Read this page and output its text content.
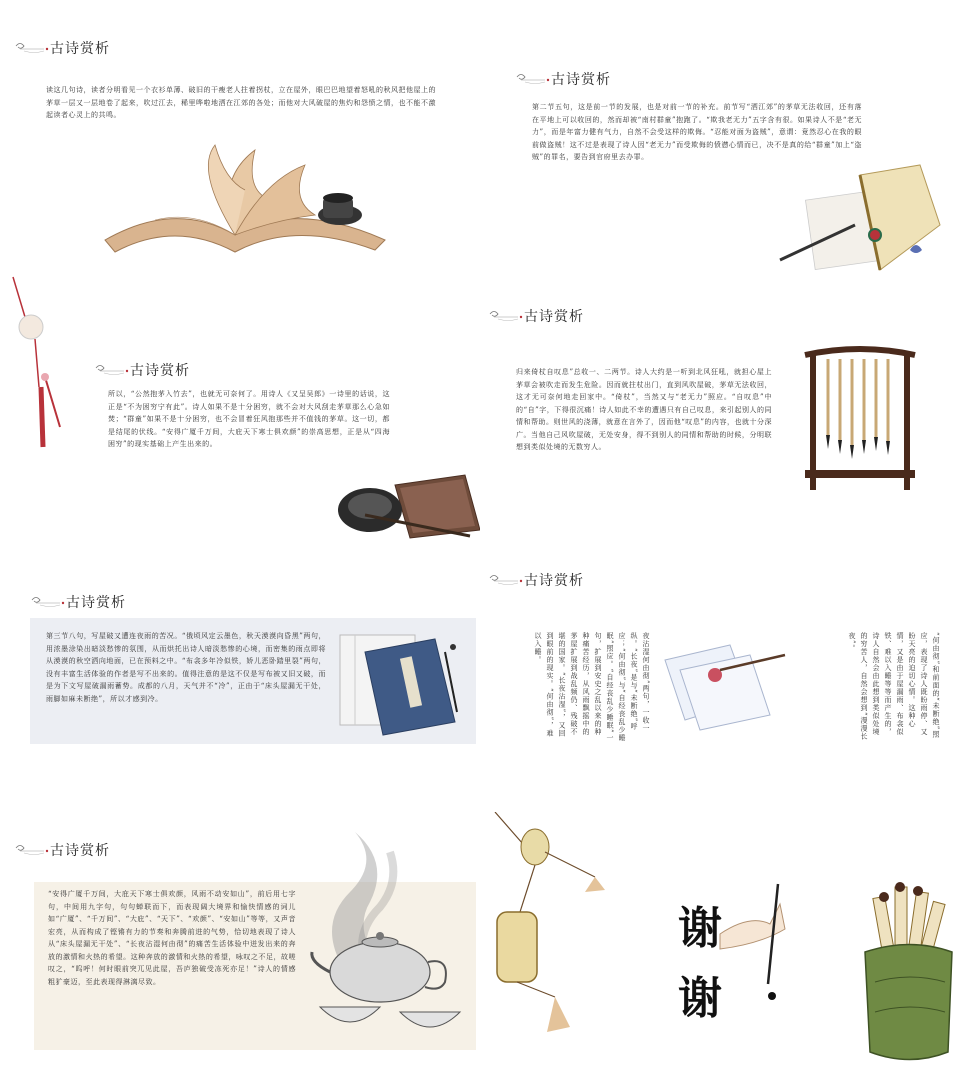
古诗赏析
读这几句诗，读者分明看见一个衣衫单薄、破旧的干瘦老人拄着拐杖，立在屋外，眼巴巴地望着怒吼的秋风把他屋上的茅草一层又一层地卷了起来，吹过江去，稀里哗啦地洒在江郊的各处；而他对大风破屋的焦灼和怨愤之情，也不能不激起读者心灵上的共鸣。
古诗赏析
第二节五句，这是前一节的发展，也是对前一节的补充。前节写“洒江郊”的茅草无法收回，还有落在平地上可以收回的，然而却被“南村群童”抱跑了。“欺我老无力”五字含有很。如果诗人不是“老无力”，而是年富力健有气力，自然不会受这样的欺侮。“忍能对面为盗贼”，意谓：竟然忍心在我的眼前做盗贼！这不过是表现了诗人因“老无力”而受欺侮的愤懑心情而已，决不是真的给“群童”加上“盗贼”的罪名，要告到官府里去办罪。
古诗赏析
所以，“公然抱茅入竹去”，也就无可奈何了。用诗人《又呈吴郎》一诗里的话说，这正是“不为困穷宁有此”。诗人如果不是十分困穷，就不会对大风刮走茅草那么心急如焚；“群童”如果不是十分困穷，也不会冒着狂风抱那些并不值钱的茅草。这一切，都是结尾的伏线。“安得广厦千万间，大庇天下寒士俱欢颜”的崇高思想，正是从“四海困穷”的现实基础上产生出来的。
古诗赏析
归来倚杖自叹息”总收一、二两节。诗人大约是一听到北风狂吼，就担心屋上茅草会被吹走而发生危险。因而就拄杖出门，直到风吹屋破，茅草无法收回，这才无可奈何地走回家中。“倚杖”，当然又与“老无力”照应。“自叹息”中的“自”字，下得很沉痛！诗人如此不幸的遭遇只有自己叹息，来引起别人的同情和帮助。则世风的浇薄，就意在言外了，因而他“叹息”的内容，也就十分深广。当他自己风吹屋破，无处安身，得不到别人的同情和帮助的时候，分明联想到类似处境的无数穷人。
古诗赏析
第三节八句，写屋破又遭连夜雨的苦况。“俄顷风定云墨色，秋天漠漠向昏黑”两句，用浓墨涂染出暗淡愁惨的氛围，从而烘托出诗人暗淡愁惨的心境，而密集的雨点即将从漠漠的秋空洒向地面，已在预料之中。“布衾多年冷似铁，娇儿恶卧踏里裂”两句，没有丰富生活体验的作者是写不出来的。值得注意的是这不仅是写布被又旧又破，而是为下文写屋破漏雨蓄势。成都的八月，天气并不“冷”，正由于“床头屋漏无干处，雨脚如麻未断绝”，所以才感到冷。
古诗赏析
夜沾湿何由彻”两句，一收一纵。“长夜”是与“未断绝”呼应；“何由彻”与“自经丧乱少睡眠”照应。“自经丧乱少睡眠”一句，扩展到安史之乱以来的种种痛苦经历，从风雨飘摇中的茅屋扩展到战乱频仍、残破不堪的国家。“长夜沾湿”，又回到眼前的现实。“何由彻”，难以入睡。	“何由彻”和前面的“未断绝”照应，表现了诗人既盼雨停、又盼天亮的迫切心情。这种心情，又是由于屋漏雨、布衾似铁、难以入睡等等而产生的，诗人自然会由此想到类似处境的穷苦人，自然会想到“漫漫长夜”。
古诗赏析
“安得广厦千万间，大庇天下寒士俱欢颜，风雨不动安如山”，前后用七字句，中间用九字句，句句蝉联而下，而表现阔大境界和愉快情感的词儿如“广厦”、“千万间”、“大庇”、“天下”、“欢颜”、“安如山”等等，又声音宏亮，从而构成了铿锵有力的节奏和奔腾前进的气势，恰切地表现了诗人从“床头屋漏无干处”、“长夜沾湿何由彻”的痛苦生活体验中迸发出来的奔放的激情和火热的希望。这种奔放的激情和火热的希望，咏叹之不足，故嗟叹之，“呜呼！何时眼前突兀见此屋，吾庐独破受冻死亦足！”诗人的情感粗犷豪迈，至此表现得淋漓尽致。
谢
谢
